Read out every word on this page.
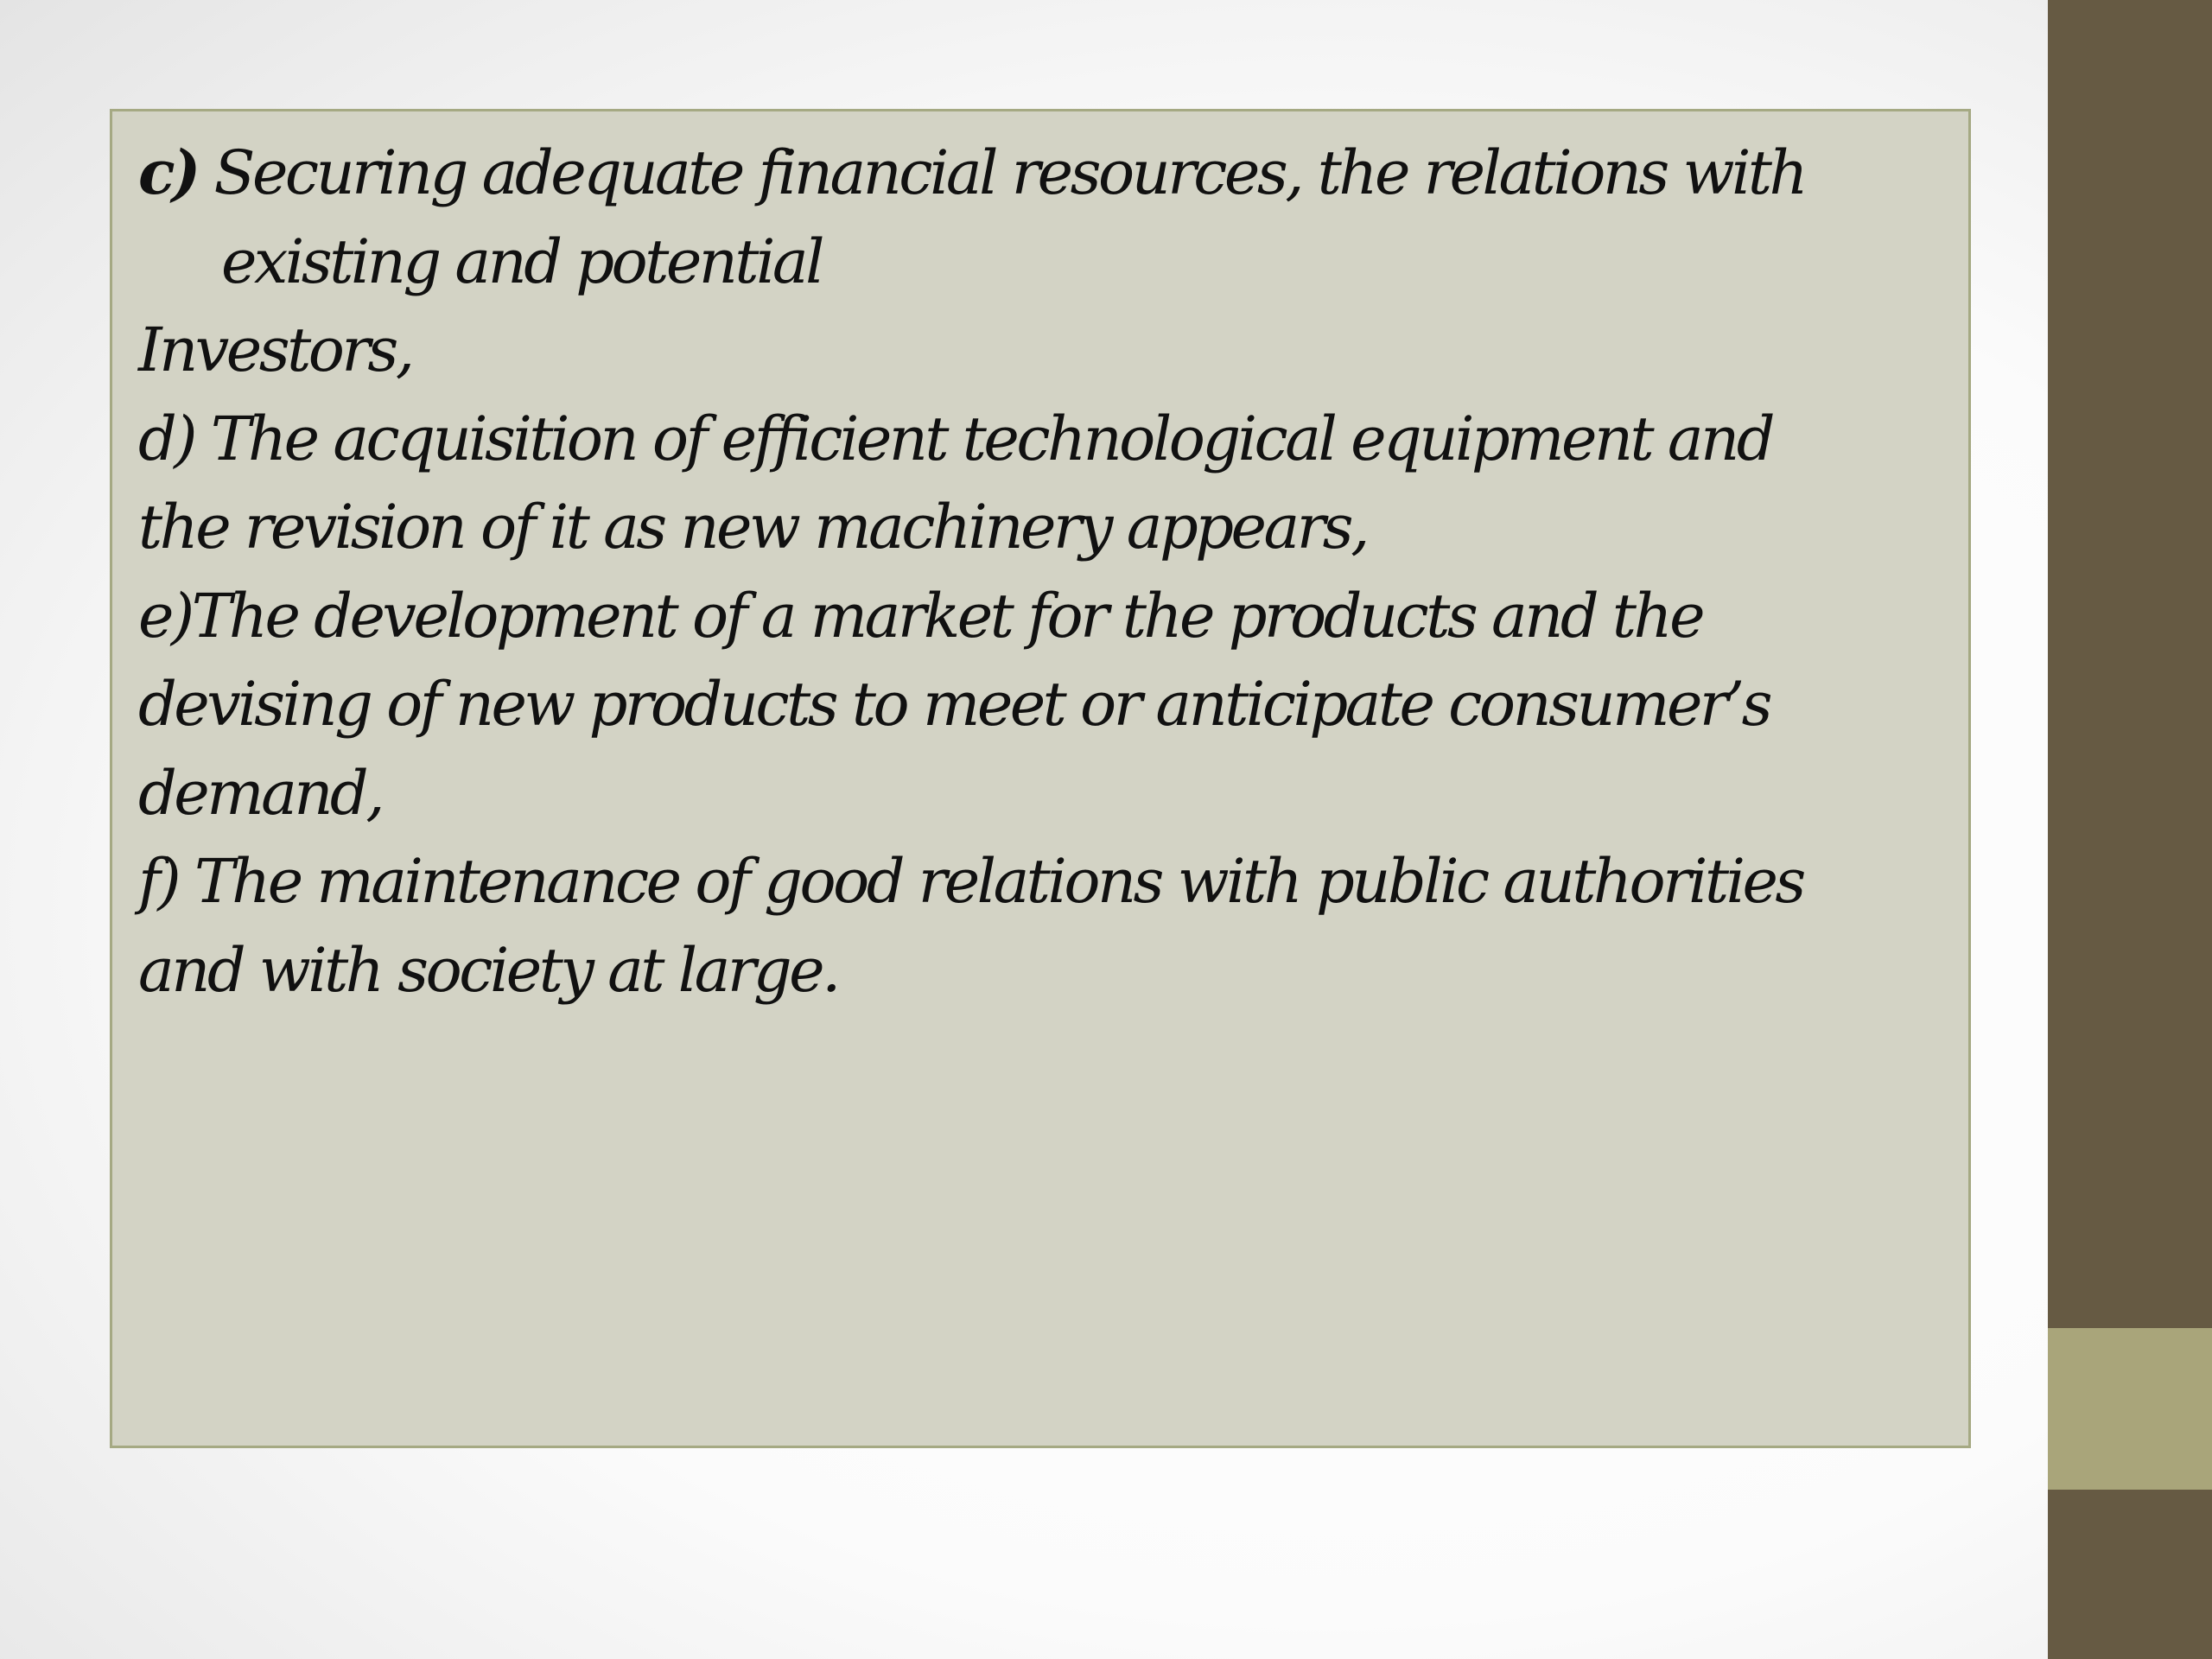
c) Securing adequate financial resources, the relations with
existing and potential
Investors,
d) The acquisition of efficient technological equipment and
the revision of it as new machinery appears,
e)The development of a market for the products and the
devising of new products to meet or anticipate consumer’s
demand,
f) The maintenance of good relations with public authorities
and with society at large.
